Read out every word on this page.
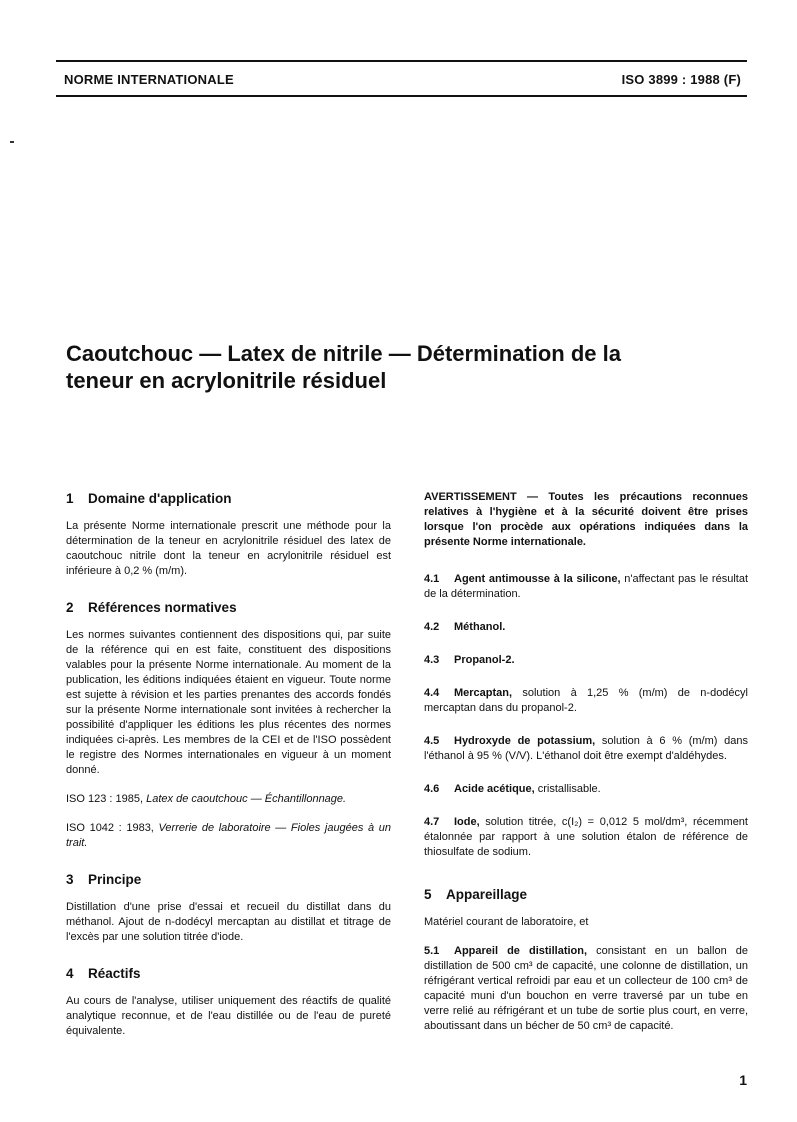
NORME INTERNATIONALE	ISO 3899 : 1988 (F)
Caoutchouc — Latex de nitrile — Détermination de la
teneur en acrylonitrile résiduel
1 Domaine d'application

La présente Norme internationale prescrit une méthode pour la détermination de la teneur en acrylonitrile résiduel des latex de caoutchouc nitrile dont la teneur en acrylonitrile résiduel est inférieure à 0,2 % (m/m).

2 Références normatives

Les normes suivantes contiennent des dispositions qui, par suite de la référence qui en est faite, constituent des dispositions valables pour la présente Norme internationale. Au moment de la publication, les éditions indiquées étaient en vigueur. Toute norme est sujette à révision et les parties prenantes des accords fondés sur la présente Norme internationale sont invitées à rechercher la possibilité d'appliquer les éditions les plus récentes des normes indiquées ci-après. Les membres de la CEI et de l'ISO possèdent le registre des Normes internationales en vigueur à un moment donné.

ISO 123 : 1985, Latex de caoutchouc — Échantillonnage.

ISO 1042 : 1983, Verrerie de laboratoire — Fioles jaugées à un trait.

3 Principe

Distillation d'une prise d'essai et recueil du distillat dans du méthanol. Ajout de n-dodécyl mercaptan au distillat et titrage de l'excès par une solution titrée d'iode.

4 Réactifs

Au cours de l'analyse, utiliser uniquement des réactifs de qualité analytique reconnue, et de l'eau distillée ou de l'eau de pureté équivalente.

AVERTISSEMENT — Toutes les précautions reconnues relatives à l'hygiène et à la sécurité doivent être prises lorsque l'on procède aux opérations indiquées dans la présente Norme internationale.
4.1 Agent antimousse à la silicone, n'affectant pas le résultat de la détermination.
4.2 Méthanol.
4.3 Propanol-2.
4.4 Mercaptan, solution à 1,25 % (m/m) de n-dodécyl mercaptan dans du propanol-2.
4.5 Hydroxyde de potassium, solution à 6 % (m/m) dans l'éthanol à 95 % (V/V). L'éthanol doit être exempt d'aldéhydes.
4.6 Acide acétique, cristallisable.
4.7 Iode, solution titrée, c(I₂) = 0,012 5 mol/dm³, récemment étalonnée par rapport à une solution étalon de référence de thiosulfate de sodium.
5 Appareillage

Matériel courant de laboratoire, et

5.1 Appareil de distillation, consistant en un ballon de distillation de 500 cm³ de capacité, une colonne de distillation, un réfrigérant vertical refroidi par eau et un collecteur de 100 cm³ de capacité muni d'un bouchon en verre traversé par un tube en verre relié au réfrigérant et un tube de sortie plus court, en verre, aboutissant dans un bécher de 50 cm³ de capacité.
1
